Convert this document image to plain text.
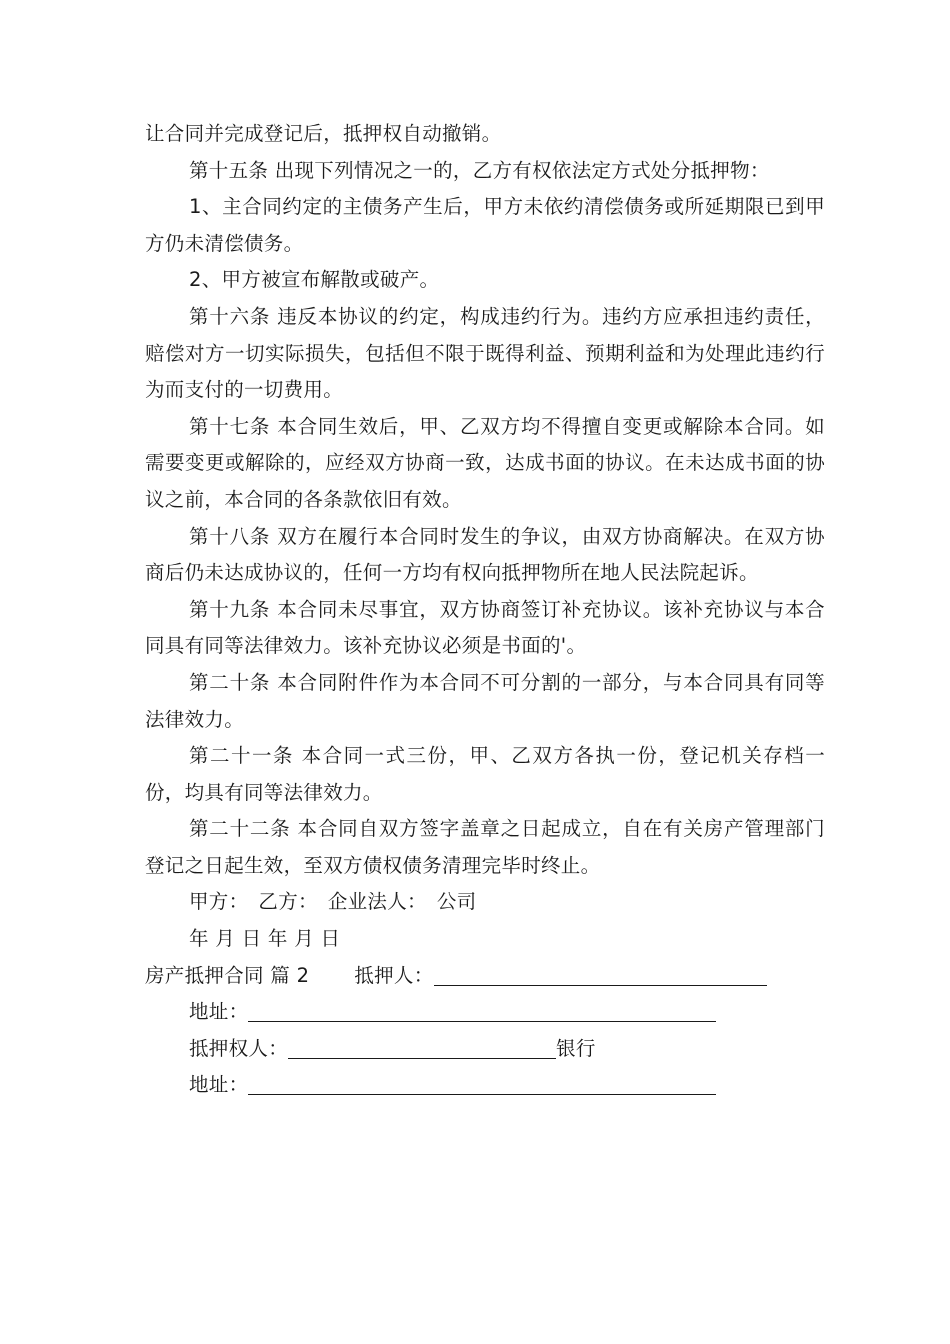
让合同并完成登记后，抵押权自动撤销。

第十五条 出现下列情况之一的，乙方有权依法定方式处分抵押物：

1、主合同约定的主债务产生后，甲方未依约清偿债务或所延期限已到甲方仍未清偿债务。

2、甲方被宣布解散或破产。

第十六条 违反本协议的约定，构成违约行为。违约方应承担违约责任，赔偿对方一切实际损失，包括但不限于既得利益、预期利益和为处理此违约行为而支付的一切费用。

第十七条 本合同生效后，甲、乙双方均不得擅自变更或解除本合同。如需要变更或解除的，应经双方协商一致，达成书面的协议。在未达成书面的协议之前，本合同的各条款依旧有效。

第十八条 双方在履行本合同时发生的争议，由双方协商解决。在双方协商后仍未达成协议的，任何一方均有权向抵押物所在地人民法院起诉。

第十九条 本合同未尽事宜，双方协商签订补充协议。该补充协议与本合同具有同等法律效力。该补充协议必须是书面的'。

第二十条 本合同附件作为本合同不可分割的一部分，与本合同具有同等法律效力。

第二十一条 本合同一式三份，甲、乙双方各执一份，登记机关存档一份，均具有同等法律效力。

第二十二条 本合同自双方签字盖章之日起成立，自在有关房产管理部门登记之日起生效，至双方债权债务清理完毕时终止。

甲方： 乙方： 企业法人： 公司

年 月 日 年 月 日

房产抵押合同 篇 2 抵押人：

地址：

抵押权人：	银行

地址：
